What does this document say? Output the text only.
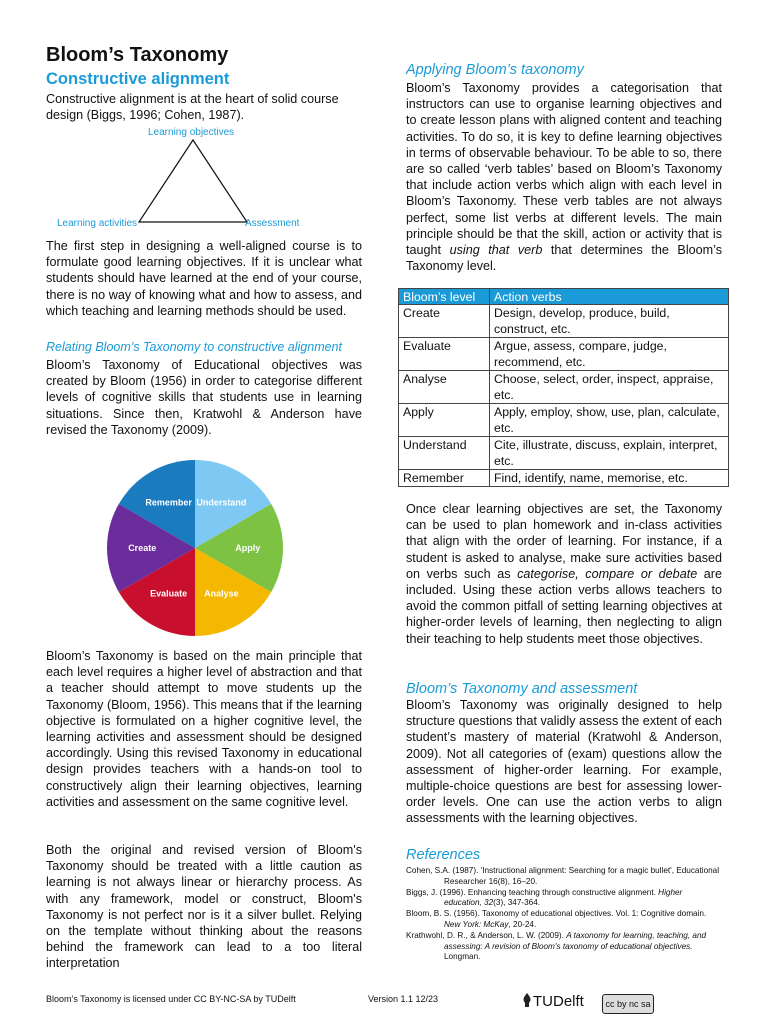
Bloom’s Taxonomy
Constructive alignment

Constructive alignment is at the heart of solid course design (Biggs, 1996; Cohen, 1987).

Learning objectives
Learning activities	Assessment

The first step in designing a well-aligned course is to formulate good learning objectives. If it is unclear what students should have learned at the end of your course, there is no way of knowing what and how to assess, and which teaching and learning methods should be used.

Relating Bloom’s Taxonomy to constructive alignment

Bloom’s Taxonomy of Educational objectives was created by Bloom (1956) in order to categorise different levels of cognitive skills that students use in learning situations. Since then, Kratwohl & Anderson have revised the Taxonomy (2009).

Understand
Apply
Analyse
Evaluate
Create
Remember

Bloom’s Taxonomy is based on the main principle that each level requires a higher level of abstraction and that a teacher should attempt to move students up the Taxonomy (Bloom, 1956). This means that if the learning objective is formulated on a higher cognitive level, the learning activities and assessment should be designed accordingly. Using this revised Taxonomy in educational design provides teachers with a hands-on tool to constructively align their learning objectives, learning activities and assessment on the same cognitive level.

Both the original and revised version of Bloom's Taxonomy should be treated with a little caution as learning is not always linear or hierarchy process. As with any framework, model or construct, Bloom's Taxonomy is not perfect nor is it a silver bullet. Relying on the template without thinking about the reasons behind the framework can lead to a too literal interpretation

Applying Bloom’s taxonomy

Bloom’s Taxonomy provides a categorisation that instructors can use to organise learning objectives and to create lesson plans with aligned content and teaching activities. To do so, it is key to define learning objectives in terms of observable behaviour. To be able to so, there are so called ‘verb tables’ based on Bloom’s Taxonomy that include action verbs which align with each level in Bloom’s Taxonomy. These verb tables are not always perfect, some list verbs at different levels. The main principle should be that the skill, action or activity that is taught using that verb that determines the Bloom’s Taxonomy level.

Bloom’s level	Action verbs
Create	Design, develop, produce, build, construct, etc.
Evaluate	Argue, assess, compare, judge, recommend, etc.
Analyse	Choose, select, order, inspect, appraise, etc.
Apply	Apply, employ, show, use, plan, calculate, etc.
Understand	Cite, illustrate, discuss, explain, interpret, etc.
Remember	Find, identify, name, memorise, etc.

Once clear learning objectives are set, the Taxonomy can be used to plan homework and in-class activities that align with the order of learning. For instance, if a student is asked to analyse, make sure activities based on verbs such as categorise, compare or debate are included. Using these action verbs allows teachers to avoid the common pitfall of setting learning objectives at higher-order levels of learning, then neglecting to align their teaching to help students meet those objectives.

Bloom’s Taxonomy and assessment

Bloom’s Taxonomy was originally designed to help structure questions that validly assess the extent of each student’s mastery of material (Kratwohl & Anderson, 2009). Not all categories of (exam) questions allow the assessment of higher-order learning. For example, multiple-choice questions are best for assessing lower-order levels. One can use the action verbs to align assessments with the learning objectives.

References

Cohen, S.A. (1987). 'Instructional alignment: Searching for a magic bullet', Educational Researcher 16(8), 16–20.

Biggs, J. (1996). Enhancing teaching through constructive alignment. Higher education, 32(3), 347-364.

Bloom, B. S. (1956). Taxonomy of educational objectives. Vol. 1: Cognitive domain. New York: McKay, 20-24.

Krathwohl, D. R., & Anderson, L. W. (2009). A taxonomy for learning, teaching, and assessing: A revision of Bloom's taxonomy of educational objectives. Longman.

Bloom’s Taxonomy is licensed under CC BY-NC-SA by TUDelft	Version 1.1 12/23	TUDelft	cc by nc sa
